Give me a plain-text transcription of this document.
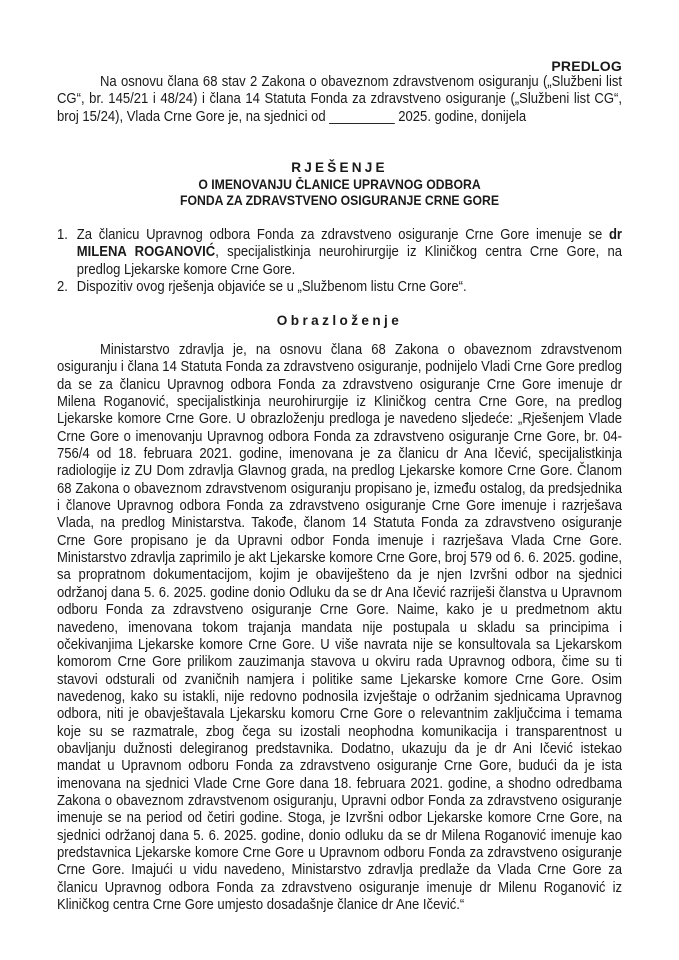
PREDLOG

Na osnovu člana 68 stav 2 Zakona o obaveznom zdravstvenom osiguranju („Službeni list CG“, br. 145/21 i 48/24) i člana 14 Statuta Fonda za zdravstveno osiguranje („Službeni list CG“, broj 15/24), Vlada Crne Gore je, na sjednici od _________ 2025. godine, donijela

RJEŠENJE
O IMENOVANJU ČLANICE UPRAVNOG ODBORA
FONDA ZA ZDRAVSTVENO OSIGURANJE CRNE GORE
1. Za članicu Upravnog odbora Fonda za zdravstveno osiguranje Crne Gore imenuje se dr MILENA ROGANOVIĆ, specijalistkinja neurohirurgije iz Kliničkog centra Crne Gore, na predlog Ljekarske komore Crne Gore.
2. Dispozitiv ovog rješenja objaviće se u „Službenom listu Crne Gore“.
Obrazloženje

Ministarstvo zdravlja je, na osnovu člana 68 Zakona o obaveznom zdravstvenom osiguranju i člana 14 Statuta Fonda za zdravstveno osiguranje, podnijelo Vladi Crne Gore predlog da se za članicu Upravnog odbora Fonda za zdravstveno osiguranje Crne Gore imenuje dr Milena Roganović, specijalistkinja neurohirurgije iz Kliničkog centra Crne Gore, na predlog Ljekarske komore Crne Gore. U obrazloženju predloga je navedeno sljedeće: „Rješenjem Vlade Crne Gore o imenovanju Upravnog odbora Fonda za zdravstveno osiguranje Crne Gore, br. 04-756/4 od 18. februara 2021. godine, imenovana je za članicu dr Ana Ičević, specijalistkinja radiologije iz ZU Dom zdravlja Glavnog grada, na predlog Ljekarske komore Crne Gore. Članom 68 Zakona o obaveznom zdravstvenom osiguranju propisano je, između ostalog, da predsjednika i članove Upravnog odbora Fonda za zdravstveno osiguranje Crne Gore imenuje i razrješava Vlada, na predlog Ministarstva. Takođe, članom 14 Statuta Fonda za zdravstveno osiguranje Crne Gore propisano je da Upravni odbor Fonda imenuje i razrješava Vlada Crne Gore. Ministarstvo zdravlja zaprimilo je akt Ljekarske komore Crne Gore, broj 579 od 6. 6. 2025. godine, sa propratnom dokumentacijom, kojim je obaviješteno da je njen Izvršni odbor na sjednici održanoj dana 5. 6. 2025. godine donio Odluku da se dr Ana Ičević razriješi članstva u Upravnom odboru Fonda za zdravstveno osiguranje Crne Gore. Naime, kako je u predmetnom aktu navedeno, imenovana tokom trajanja mandata nije postupala u skladu sa principima i očekivanjima Ljekarske komore Crne Gore. U više navrata nije se konsultovala sa Ljekarskom komorom Crne Gore prilikom zauzimanja stavova u okviru rada Upravnog odbora, čime su ti stavovi odsturali od zvaničnih namjera i politike same Ljekarske komore Crne Gore. Osim navedenog, kako su istakli, nije redovno podnosila izvještaje o održanim sjednicama Upravnog odbora, niti je obavještavala Ljekarsku komoru Crne Gore o relevantnim zaključcima i temama koje su se razmatrale, zbog čega su izostali neophodna komunikacija i transparentnost u obavljanju dužnosti delegiranog predstavnika. Dodatno, ukazuju da je dr Ani Ičević istekao mandat u Upravnom odboru Fonda za zdravstveno osiguranje Crne Gore, budući da je ista imenovana na sjednici Vlade Crne Gore dana 18. februara 2021. godine, a shodno odredbama Zakona o obaveznom zdravstvenom osiguranju, Upravni odbor Fonda za zdravstveno osiguranje imenuje se na period od četiri godine. Stoga, je Izvršni odbor Ljekarske komore Crne Gore, na sjednici održanoj dana 5. 6. 2025. godine, donio odluku da se dr Milena Roganović imenuje kao predstavnica Ljekarske komore Crne Gore u Upravnom odboru Fonda za zdravstveno osiguranje Crne Gore. Imajući u vidu navedeno, Ministarstvo zdravlja predlaže da Vlada Crne Gore za članicu Upravnog odbora Fonda za zdravstveno osiguranje imenuje dr Milenu Roganović iz Kliničkog centra Crne Gore umjesto dosadašnje članice dr Ane Ičević.“
